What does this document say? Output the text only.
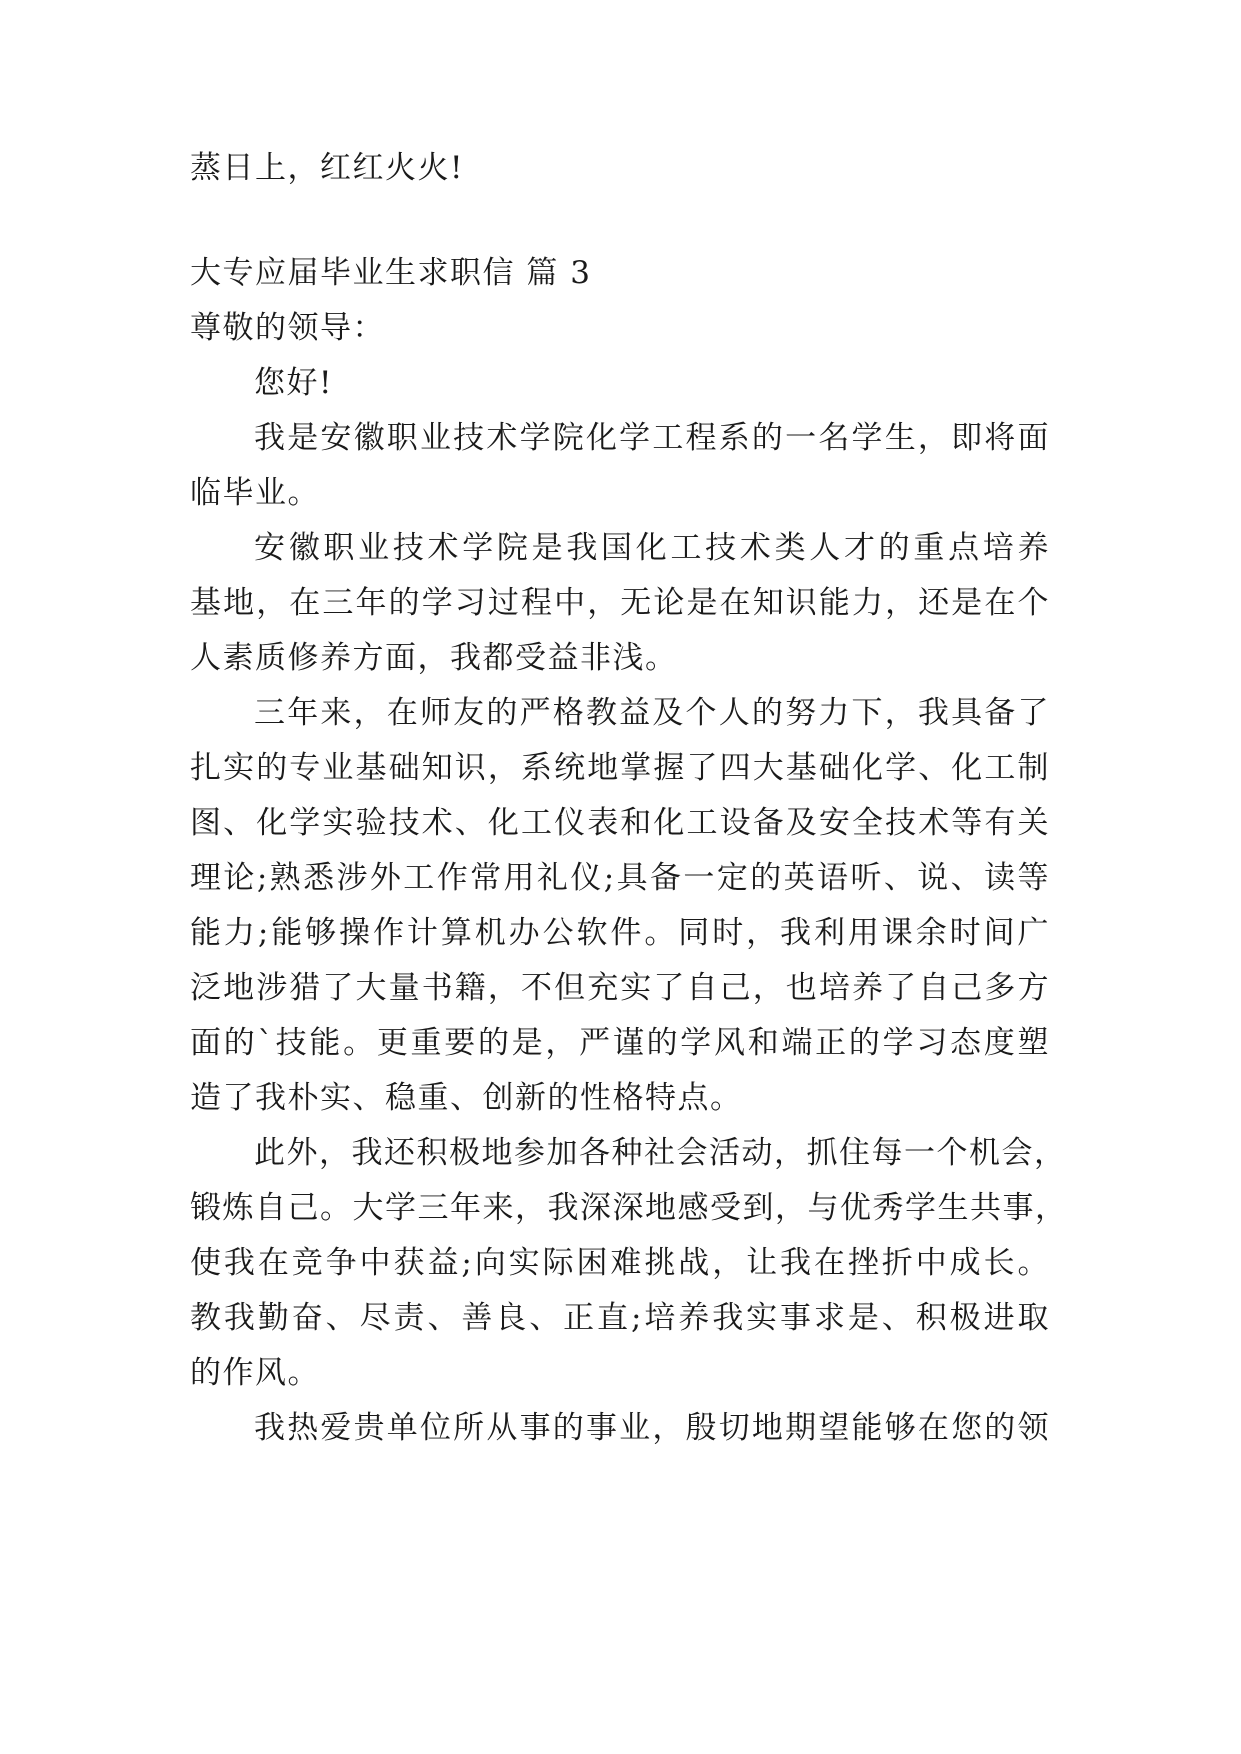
蒸日上，红红火火!
大专应届毕业生求职信 篇 3
尊敬的领导：
您好!
我是安徽职业技术学院化学工程系的一名学生，即将面
临毕业。
安徽职业技术学院是我国化工技术类人才的重点培养
基地，在三年的学习过程中，无论是在知识能力，还是在个
人素质修养方面，我都受益非浅。
三年来，在师友的严格教益及个人的努力下，我具备了
扎实的专业基础知识，系统地掌握了四大基础化学、化工制
图、化学实验技术、化工仪表和化工设备及安全技术等有关
理论;熟悉涉外工作常用礼仪;具备一定的英语听、说、读等
能力;能够操作计算机办公软件。同时，我利用课余时间广
泛地涉猎了大量书籍，不但充实了自己，也培养了自己多方
面的`技能。更重要的是，严谨的学风和端正的学习态度塑
造了我朴实、稳重、创新的性格特点。
此外，我还积极地参加各种社会活动，抓住每一个机会，
锻炼自己。大学三年来，我深深地感受到，与优秀学生共事，
使我在竞争中获益;向实际困难挑战，让我在挫折中成长。
教我勤奋、尽责、善良、正直;培养我实事求是、积极进取
的作风。
我热爱贵单位所从事的事业，殷切地期望能够在您的领
